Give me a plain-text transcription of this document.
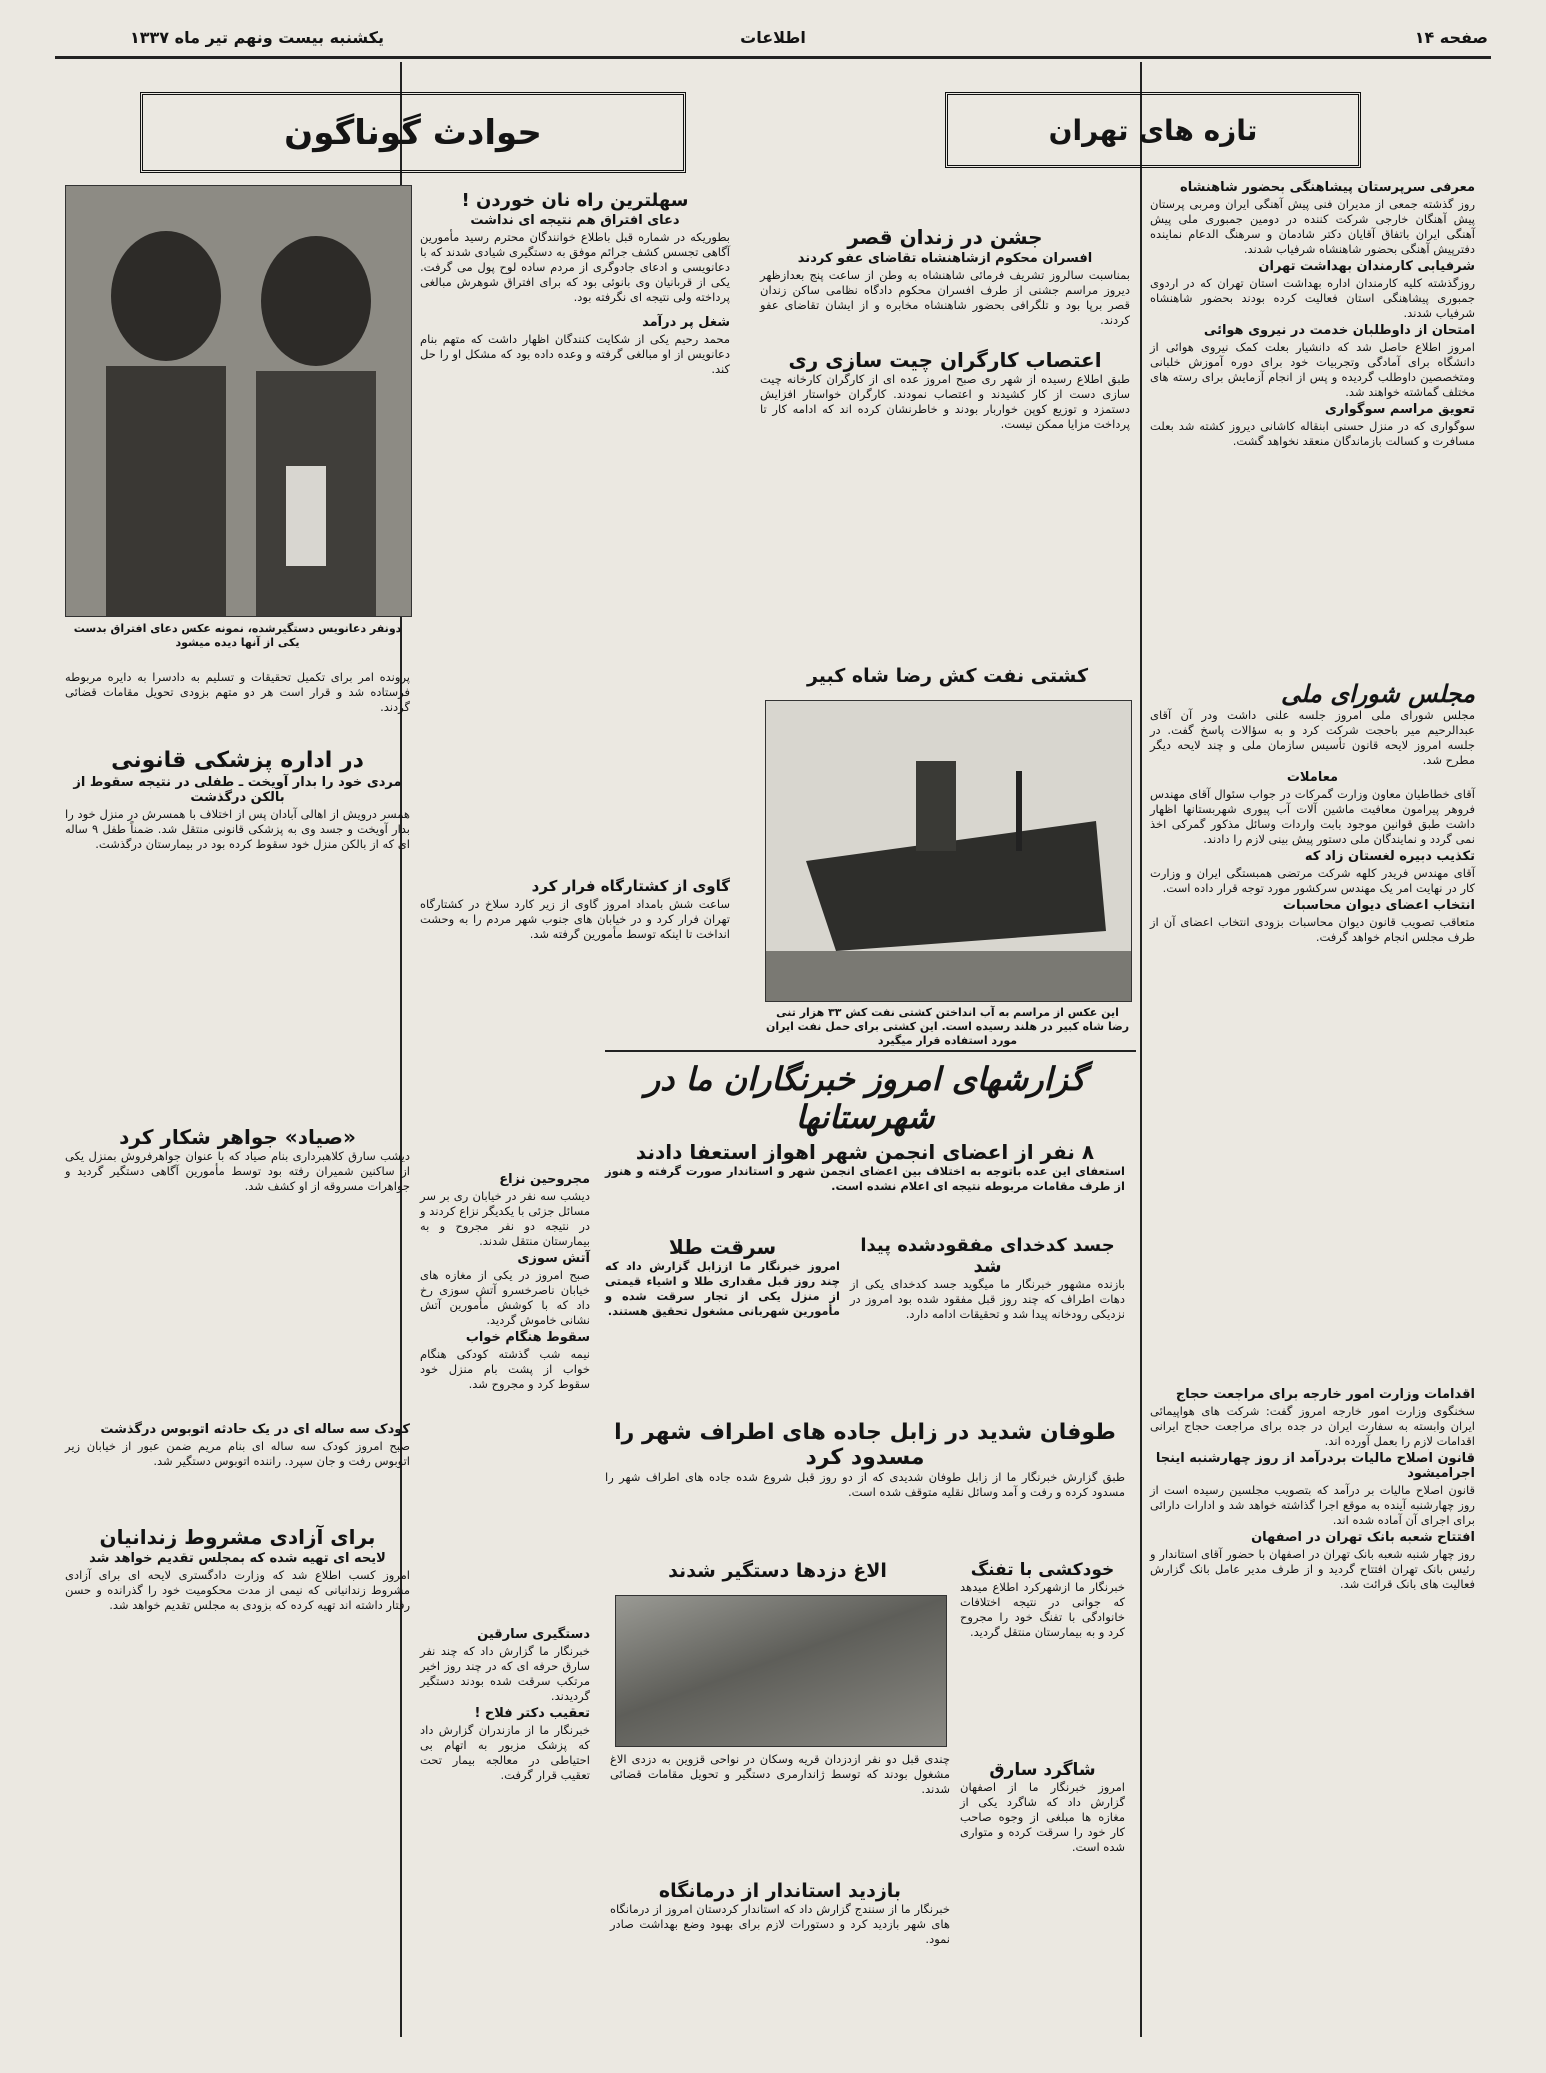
صفحه ۱۴
اطلاعات
یکشنبه بیست ونهم تیر ماه ۱۳۳۷
تازه های تهران

معرفی سرپرستان پیشاهنگی بحضور شاهنشاه

روز گذشته جمعی از مدیران فنی پیش آهنگی ایران ومربی پرستان پیش آهنگان خارجی شرکت کننده در دومین جمبوری ملی پیش آهنگی ایران باتفاق آقایان دکتر شادمان و سرهنگ الدعام نماینده دفترپیش آهنگی بحضور شاهنشاه شرفیاب شدند.

شرفیابی کارمندان بهداشت تهران

روزگذشته کلیه کارمندان اداره بهداشت استان تهران که در اردوی جمبوری پیشاهنگی استان فعالیت کرده بودند بحضور شاهنشاه شرفیاب شدند.

امتحان از داوطلبان خدمت در نیروی هوائی

امروز اطلاع حاصل شد که دانشیار بعلت کمک نیروی هوائی از دانشگاه برای آمادگی وتجربیات خود برای دوره آموزش خلبانی ومتخصصین داوطلب گردیده و پس از انجام آزمایش برای رسته های مختلف گماشته خواهند شد.

تعویق مراسم سوگواری

سوگواری که در منزل حسنی ابنقاله کاشانی دیروز کشته شد بعلت مسافرت و کسالت بازماندگان منعقد نخواهد گشت.

مجلس شورای ملی

مجلس شورای ملی امروز جلسه علنی داشت ودر آن آقای عبدالرحیم میر باحجت شرکت کرد و به سؤالات پاسخ گفت. در جلسه امروز لایحه قانون تأسیس سازمان ملی و چند لایحه دیگر مطرح شد.

معاملات

آقای خطاطیان معاون وزارت گمرکات در جواب سئوال آقای مهندس فروهر پیرامون معافیت ماشین آلات آب پیوری شهربستانها اظهار داشت طبق قوانین موجود بابت واردات وسائل مذکور گمرکی اخذ نمی گردد و نمایندگان ملی دستور پیش بینی لازم را دادند.

تکذیب دبیره لغستان زاد که

آقای مهندس فریدر کلهه شرکت مرتضی همبستگی ایران و وزارت کار در نهایت امر یک مهندس سرکشور مورد توجه قرار داده است.

انتخاب اعضای دیوان محاسبات

متعاقب تصویب قانون دیوان محاسبات بزودی انتخاب اعضای آن از طرف مجلس انجام خواهد گرفت.

اقدامات وزارت امور خارجه برای مراجعت حجاج

سخنگوی وزارت امور خارجه امروز گفت: شرکت های هواپیمائی ایران وابسته به سفارت ایران در جده برای مراجعت حجاج ایرانی اقدامات لازم را بعمل آورده اند.

قانون اصلاح مالیات بردرآمد از روز چهارشنبه اینجا اجرامیشود

قانون اصلاح مالیات بر درآمد که بتصویب مجلسین رسیده است از روز چهارشنبه آینده به موقع اجرا گذاشته خواهد شد و ادارات دارائی برای اجرای آن آماده شده اند.

افتتاح شعبه بانک تهران در اصفهان

روز چهار شنبه شعبه بانک تهران در اصفهان با حضور آقای استاندار و رئیس بانک تهران افتتاح گردید و از طرف مدیر عامل بانک گزارش فعالیت های بانک قرائت شد.

جشن در زندان قصر

افسران محکوم ازشاهنشاه تقاضای عفو کردند

بمناسبت سالروز تشریف فرمائی شاهنشاه به وطن از ساعت پنج بعدازظهر دیروز مراسم جشنی از طرف افسران محکوم دادگاه نظامی ساکن زندان قصر برپا بود و تلگرافی بحضور شاهنشاه مخابره و از ایشان تقاضای عفو کردند.

اعتصاب کارگران چیت سازی ری

طبق اطلاع رسیده از شهر ری صبح امروز عده ای از کارگران کارخانه چیت سازی دست از کار کشیدند و اعتصاب نمودند. کارگران خواستار افزایش دستمزد و توزیع کوپن خواربار بودند و خاطرنشان کرده اند که ادامه کار تا پرداخت مزایا ممکن نیست.

کشتی نفت کش رضا شاه کبیر

این عکس از مراسم به آب انداختن کشتی نفت کش ۳۳ هزار تنی رضا شاه کبیر در هلند رسیده است. این کشتی برای حمل نفت ایران مورد استفاده قرار میگیرد

گزارشهای امروز خبرنگاران ما در شهرستانها

۸ نفر از اعضای انجمن شهر اهواز استعفا دادند

استعفای این عده باتوجه به اختلاف بین اعضای انجمن شهر و استاندار صورت گرفته و هنوز از طرف مقامات مربوطه نتیجه ای اعلام نشده است.

جسد کدخدای مفقودشده پیدا شد

بازنده مشهور خبرنگار ما میگوید جسد کدخدای یکی از دهات اطراف که چند روز قبل مفقود شده بود امروز در نزدیکی رودخانه پیدا شد و تحقیقات ادامه دارد.

سرقت طلا

امروز خبرنگار ما اززابل گزارش داد که چند روز قبل مقداری طلا و اشیاء قیمتی از منزل یکی از تجار سرقت شده و مأمورین شهربانی مشغول تحقیق هستند.

طوفان شدید در زابل جاده های اطراف شهر را مسدود کرد

طبق گزارش خبرنگار ما از زابل طوفان شدیدی که از دو روز قبل شروع شده جاده های اطراف شهر را مسدود کرده و رفت و آمد وسائل نقلیه متوقف شده است.

خودکشی با تفنگ

خبرنگار ما ازشهرکرد اطلاع میدهد که جوانی در نتیجه اختلافات خانوادگی با تفنگ خود را مجروح کرد و به بیمارستان منتقل گردید.

الاغ دزدها دستگیر شدند

چندی قبل دو نفر ازدزدان قریه وسکان در نواحی قزوین به دزدی الاغ مشغول بودند که توسط ژاندارمری دستگیر و تحویل مقامات قضائی شدند.

شاگرد سارق

امروز خبرنگار ما از اصفهان گزارش داد که شاگرد یکی از مغازه ها مبلغی از وجوه صاحب کار خود را سرقت کرده و متواری شده است.

بازدید استاندار از درمانگاه

خبرنگار ما از سنندج گزارش داد که استاندار کردستان امروز از درمانگاه های شهر بازدید کرد و دستورات لازم برای بهبود وضع بهداشت صادر نمود.

حوادث گوناگون

دونفر دعانویس دستگیرشده، نمونه عکس دعای افتراق بدست یکی از آنها دیده میشود

سهلترین راه نان خوردن !

دعای افتراق هم نتیجه ای نداشت

بطوریکه در شماره قبل باطلاع خوانندگان محترم رسید مأمورین آگاهی تجسس کشف جرائم موفق به دستگیری شیادی شدند که با دعانویسی و ادعای جادوگری از مردم ساده لوح پول می گرفت. یکی از قربانیان وی بانوئی بود که برای افتراق شوهرش مبالغی پرداخته ولی نتیجه ای نگرفته بود.

شغل پر درآمد

محمد رحیم یکی از شکایت کنندگان اظهار داشت که متهم بنام دعانویس از او مبالغی گرفته و وعده داده بود که مشکل او را حل کند.

پرونده امر برای تکمیل تحقیقات و تسلیم به دادسرا به دایره مربوطه فرستاده شد و قرار است هر دو متهم بزودی تحویل مقامات قضائی گردند.

گاوی از کشتارگاه فرار کرد

ساعت شش بامداد امروز گاوی از زیر کارد سلاخ در کشتارگاه تهران فرار کرد و در خیابان های جنوب شهر مردم را به وحشت انداخت تا اینکه توسط مأمورین گرفته شد.

در اداره پزشکی قانونی

مردی خود را بدار آویخت ـ طفلی در نتیجه سقوط از بالکن درگذشت

همسر درویش از اهالی آبادان پس از اختلاف با همسرش در منزل خود را بدار آویخت و جسد وی به پزشکی قانونی منتقل شد. ضمناً طفل ۹ ساله ای که از بالکن منزل خود سقوط کرده بود در بیمارستان درگذشت.

«صیاد» جواهر شکار کرد

دیشب سارق کلاهبرداری بنام صیاد که با عنوان جواهرفروش بمنزل یکی از ساکنین شمیران رفته بود توسط مأمورین آگاهی دستگیر گردید و جواهرات مسروقه از او کشف شد.	مجروحین نزاع

دیشب سه نفر در خیابان ری بر سر مسائل جزئی با یکدیگر نزاع کردند و در نتیجه دو نفر مجروح و به بیمارستان منتقل شدند.

آتش سوزی

صبح امروز در یکی از مغازه های خیابان ناصرخسرو آتش سوزی رخ داد که با کوشش مأمورین آتش نشانی خاموش گردید.

سقوط هنگام خواب

نیمه شب گذشته کودکی هنگام خواب از پشت بام منزل خود سقوط کرد و مجروح شد.

دستگیری سارقین

خبرنگار ما گزارش داد که چند نفر سارق حرفه ای که در چند روز اخیر مرتکب سرقت شده بودند دستگیر گردیدند.

تعقیب دکتر فلاح !

خبرنگار ما از مازندران گزارش داد که پزشک مزبور به اتهام بی احتیاطی در معالجه بیمار تحت تعقیب قرار گرفت.

کودک سه ساله ای در یک حادثه اتوبوس درگذشت

صبح امروز کودک سه ساله ای بنام مریم ضمن عبور از خیابان زیر اتوبوس رفت و جان سپرد. راننده اتوبوس دستگیر شد.

برای آزادی مشروط زندانیان

لایحه ای تهیه شده که بمجلس تقدیم خواهد شد

امروز کسب اطلاع شد که وزارت دادگستری لایحه ای برای آزادی مشروط زندانیانی که نیمی از مدت محکومیت خود را گذرانده و حسن رفتار داشته اند تهیه کرده که بزودی به مجلس تقدیم خواهد شد.
